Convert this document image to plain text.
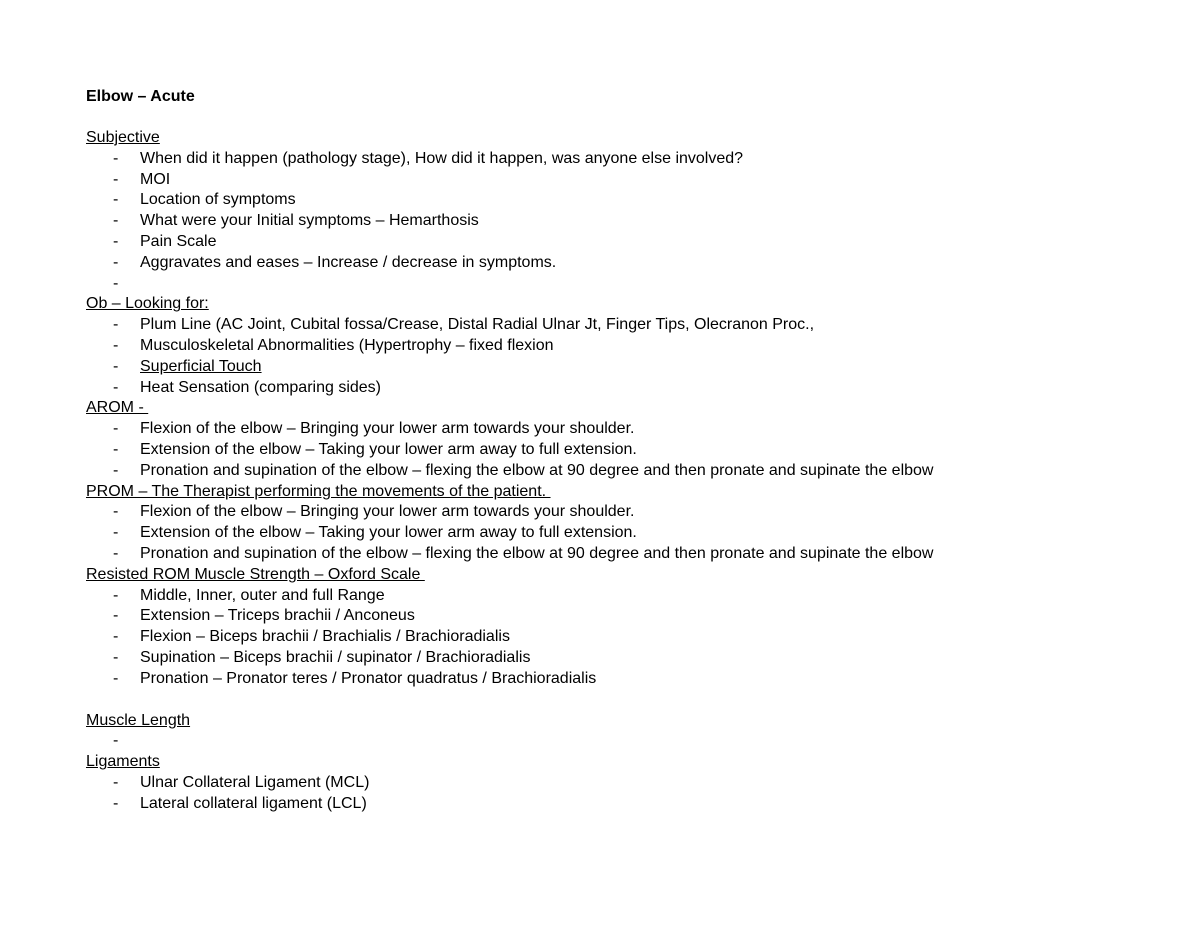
Elbow – Acute
Subjective
- When did it happen (pathology stage), How did it happen, was anyone else involved?
- MOI
- Location of symptoms
- What were your Initial symptoms – Hemarthosis
- Pain Scale
- Aggravates and eases – Increase / decrease in symptoms.
-
Ob – Looking for:
- Plum Line (AC Joint, Cubital fossa/Crease, Distal Radial Ulnar Jt, Finger Tips, Olecranon Proc.,
- Musculoskeletal Abnormalities (Hypertrophy – fixed flexion
- Superficial Touch
- Heat Sensation (comparing sides)
AROM -
- Flexion of the elbow – Bringing your lower arm towards your shoulder.
- Extension of the elbow – Taking your lower arm away to full extension.
- Pronation and supination of the elbow – flexing the elbow at 90 degree and then pronate and supinate the elbow
PROM – The Therapist performing the movements of the patient.
- Flexion of the elbow – Bringing your lower arm towards your shoulder.
- Extension of the elbow – Taking your lower arm away to full extension.
- Pronation and supination of the elbow – flexing the elbow at 90 degree and then pronate and supinate the elbow
Resisted ROM Muscle Strength – Oxford Scale
- Middle, Inner, outer and full Range
- Extension – Triceps brachii / Anconeus
- Flexion – Biceps brachii / Brachialis / Brachioradialis
- Supination – Biceps brachii / supinator / Brachioradialis
- Pronation – Pronator teres / Pronator quadratus / Brachioradialis
Muscle Length
-
Ligaments
- Ulnar Collateral Ligament (MCL)
- Lateral collateral ligament (LCL)
